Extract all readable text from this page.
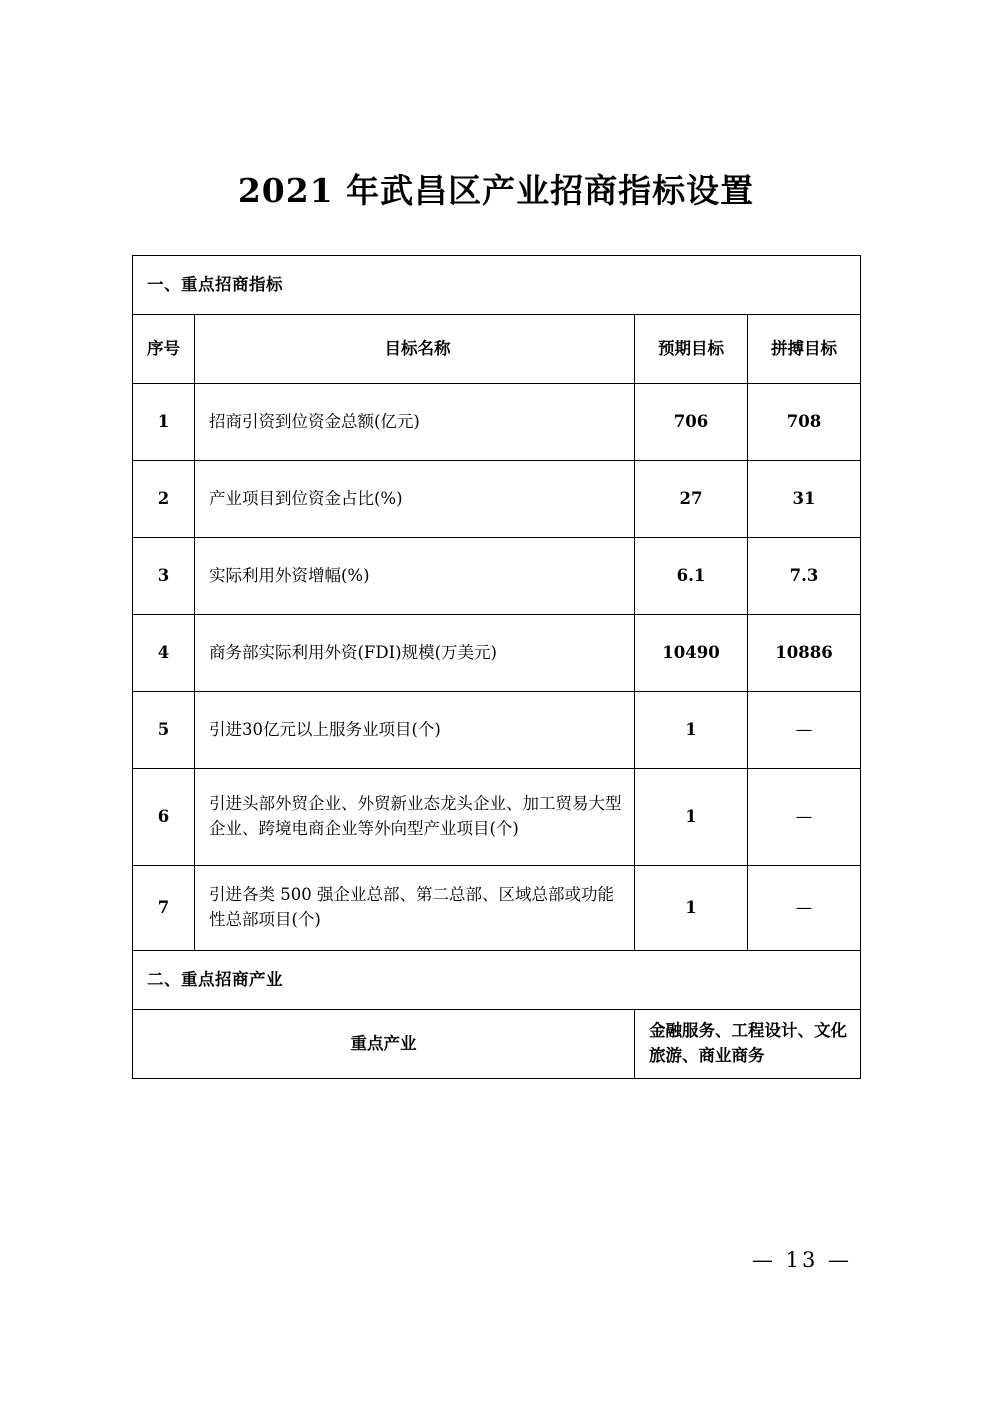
2021 年武昌区产业招商指标设置
一、重点招商指标			
序号	目标名称	预期目标	拼搏目标
1	招商引资到位资金总额(亿元)	706	708
2	产业项目到位资金占比(%)	27	31
3	实际利用外资增幅(%)	6.1	7.3
4	商务部实际利用外资(FDI)规模(万美元)	10490	10886
5	引进30亿元以上服务业项目(个)	1	—
6	引进头部外贸企业、外贸新业态龙头企业、加工贸易大型企业、跨境电商企业等外向型产业项目(个)	1	—
7	引进各类 500 强企业总部、第二总部、区域总部或功能性总部项目(个)	1	—
二、重点招商产业			
重点产业		金融服务、工程设计、文化旅游、商业商务	
— 13 —
